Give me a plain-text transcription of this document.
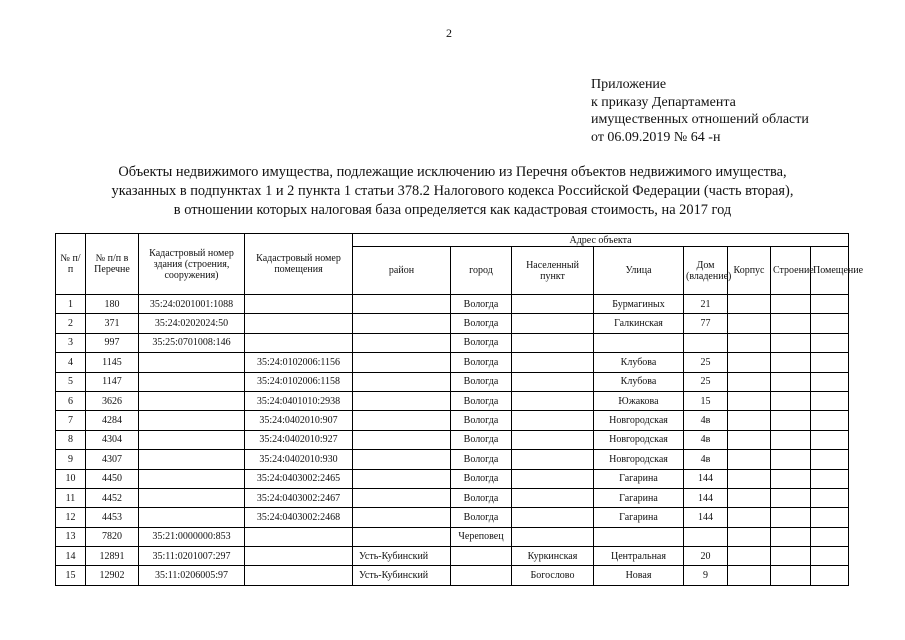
2
Приложение
к приказу Департамента
имущественных отношений области
от 06.09.2019 № 64 -н
Объекты недвижимого имущества, подлежащие исключению из Перечня объектов недвижимого имущества,
указанных в подпунктах 1 и 2 пункта 1 статьи 378.2 Налогового кодекса Российской Федерации (часть вторая),
в отношении которых налоговая база определяется как кадастровая стоимость, на 2017 год
№ п/п	№ п/п в Перечне	Кадастровый номер здания (строения, сооружения)	Кадастровый номер помещения	Адрес объекта							
				район	город	Населенный пункт	Улица	Дом (владение)	Корпус	Строение	Помещение
1	180	35:24:0201001:1088			Вологда		Бурмагиных	21			
2	371	35:24:0202024:50			Вологда		Галкинская	77			
3	997	35:25:0701008:146			Вологда						
4	1145		35:24:0102006:1156		Вологда		Клубова	25			
5	1147		35:24:0102006:1158		Вологда		Клубова	25			
6	3626		35:24:0401010:2938		Вологда		Южакова	15			
7	4284		35:24:0402010:907		Вологда		Новгородская	4в			
8	4304		35:24:0402010:927		Вологда		Новгородская	4в			
9	4307		35:24:0402010:930		Вологда		Новгородская	4в			
10	4450		35:24:0403002:2465		Вологда		Гагарина	144			
11	4452		35:24:0403002:2467		Вологда		Гагарина	144			
12	4453		35:24:0403002:2468		Вологда		Гагарина	144			
13	7820	35:21:0000000:853			Череповец						
14	12891	35:11:0201007:297		Усть-Кубинский		Куркинская	Центральная	20			
15	12902	35:11:0206005:97		Усть-Кубинский		Богослово	Новая	9			
